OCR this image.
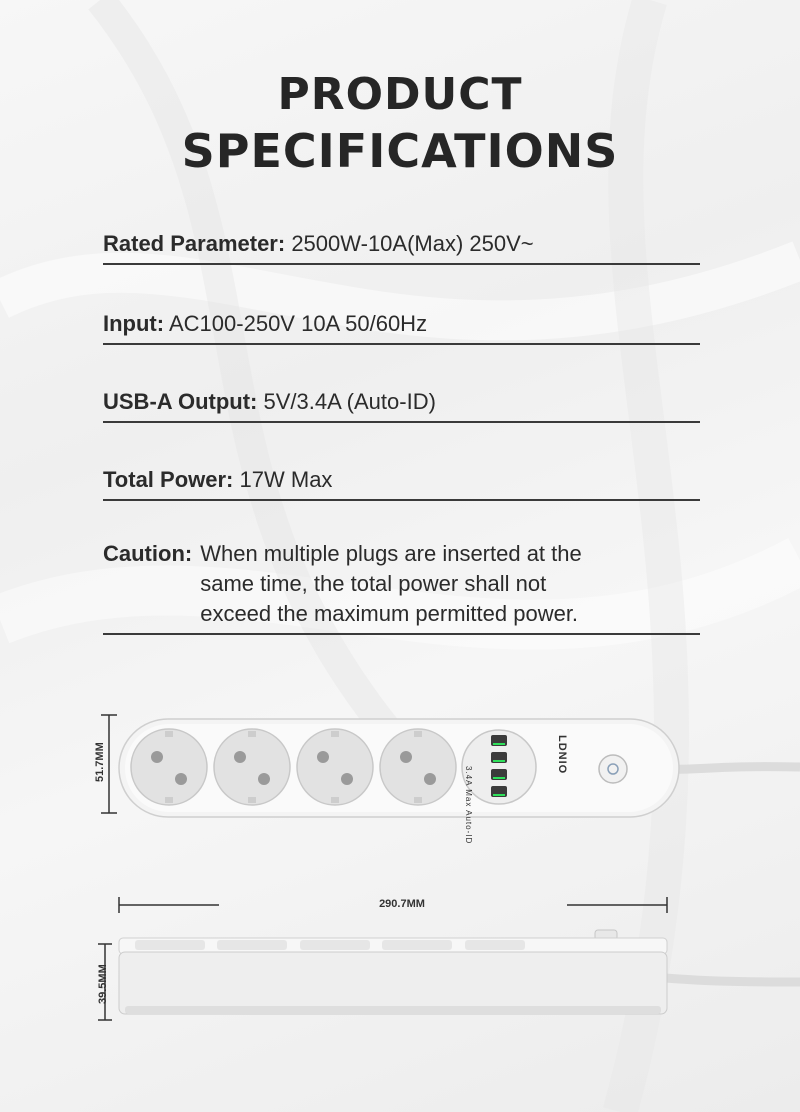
PRODUCT
SPECIFICATIONS
Rated Parameter: 2500W-10A(Max) 250V~
Input: AC100-250V 10A 50/60Hz
USB-A Output: 5V/3.4A (Auto-ID)
Total Power: 17W Max
Caution: When multiple plugs are inserted at the
same time, the total power shall not
exceed the maximum permitted power.
51.7MM
3.4A Max Auto-ID
LDNIO
290.7MM
39.5MM
